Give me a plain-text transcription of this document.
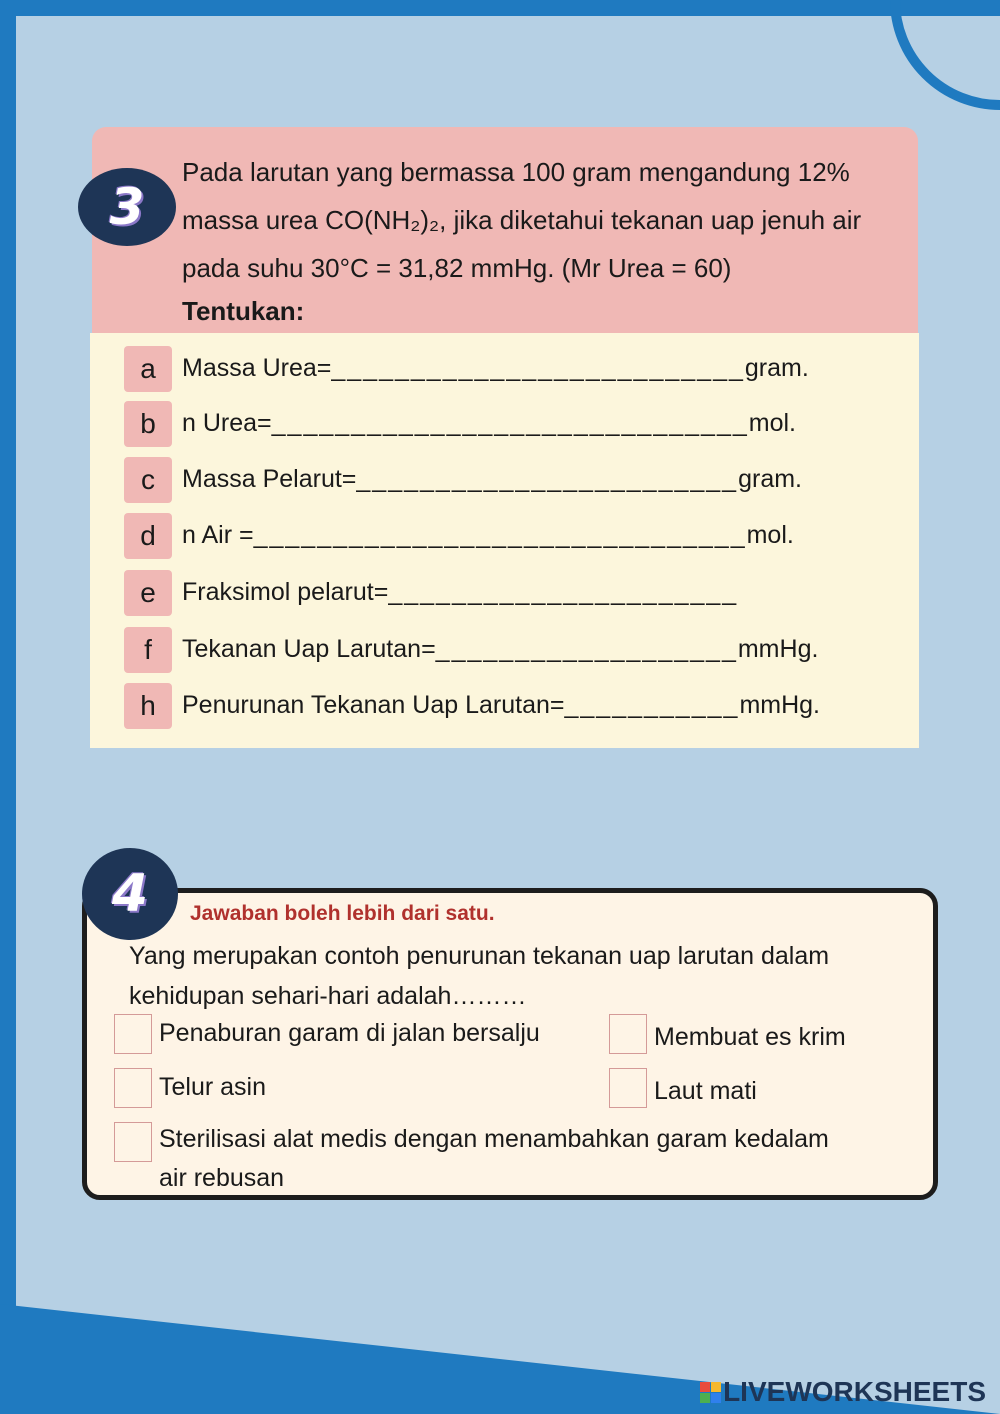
3

Pada larutan yang bermassa 100 gram mengandung 12%

massa urea CO(NH₂)₂, jika diketahui tekanan uap jenuh air

pada suhu 30°C = 31,82 mmHg. (Mr Urea = 60)

Tentukan:
a	Massa Urea=__________________________gram.
b	n Urea=______________________________mol.
c	Massa Pelarut=________________________gram.
d	n Air =_______________________________mol.
e	Fraksimol pelarut=______________________
f	Tekanan Uap Larutan=___________________mmHg.
h	Penurunan Tekanan Uap Larutan=___________mmHg.
4	Jawaban boleh lebih dari satu.

Yang merupakan contoh penurunan tekanan uap larutan dalam

kehidupan sehari-hari adalah………

Penaburan garam di jalan bersalju	Membuat es krim
Telur asin	Laut mati
Sterilisasi alat medis dengan menambahkan garam kedalam
air rebusan
LIVEWORKSHEETS
